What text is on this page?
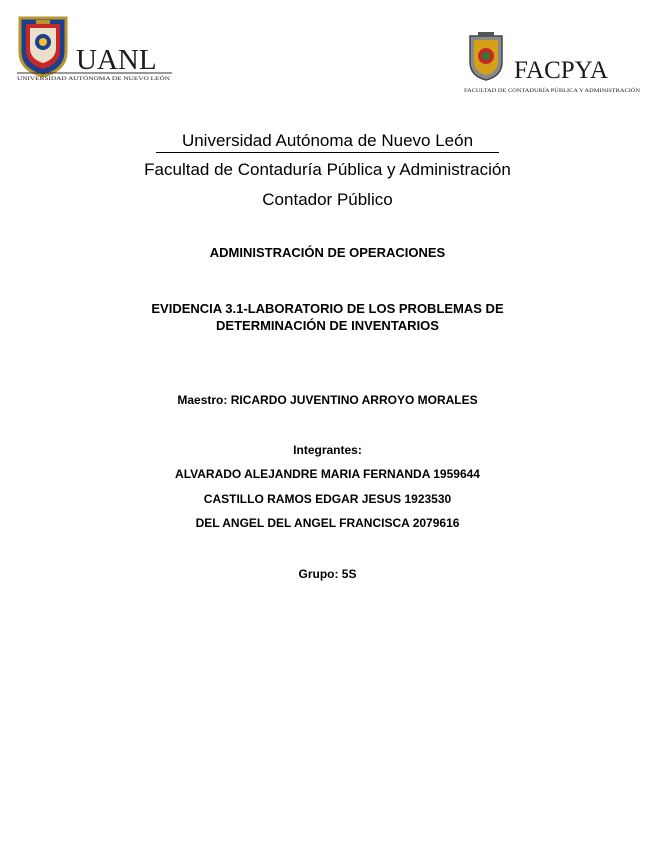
UANL
UNIVERSIDAD AUTÓNOMA DE NUEVO LEÓN	FACPYA
FACULTAD DE CONTADURÍA PÚBLICA Y ADMINISTRACIÓN
Universidad Autónoma de Nuevo León
Facultad de Contaduría Pública y Administración
Contador Público
ADMINISTRACIÓN DE OPERACIONES
EVIDENCIA 3.1-LABORATORIO DE LOS PROBLEMAS DE
DETERMINACIÓN DE INVENTARIOS
Maestro: RICARDO JUVENTINO ARROYO MORALES
Integrantes:
ALVARADO ALEJANDRE MARIA FERNANDA 1959644
CASTILLO RAMOS EDGAR JESUS 1923530
DEL ANGEL DEL ANGEL FRANCISCA 2079616
Grupo: 5S
